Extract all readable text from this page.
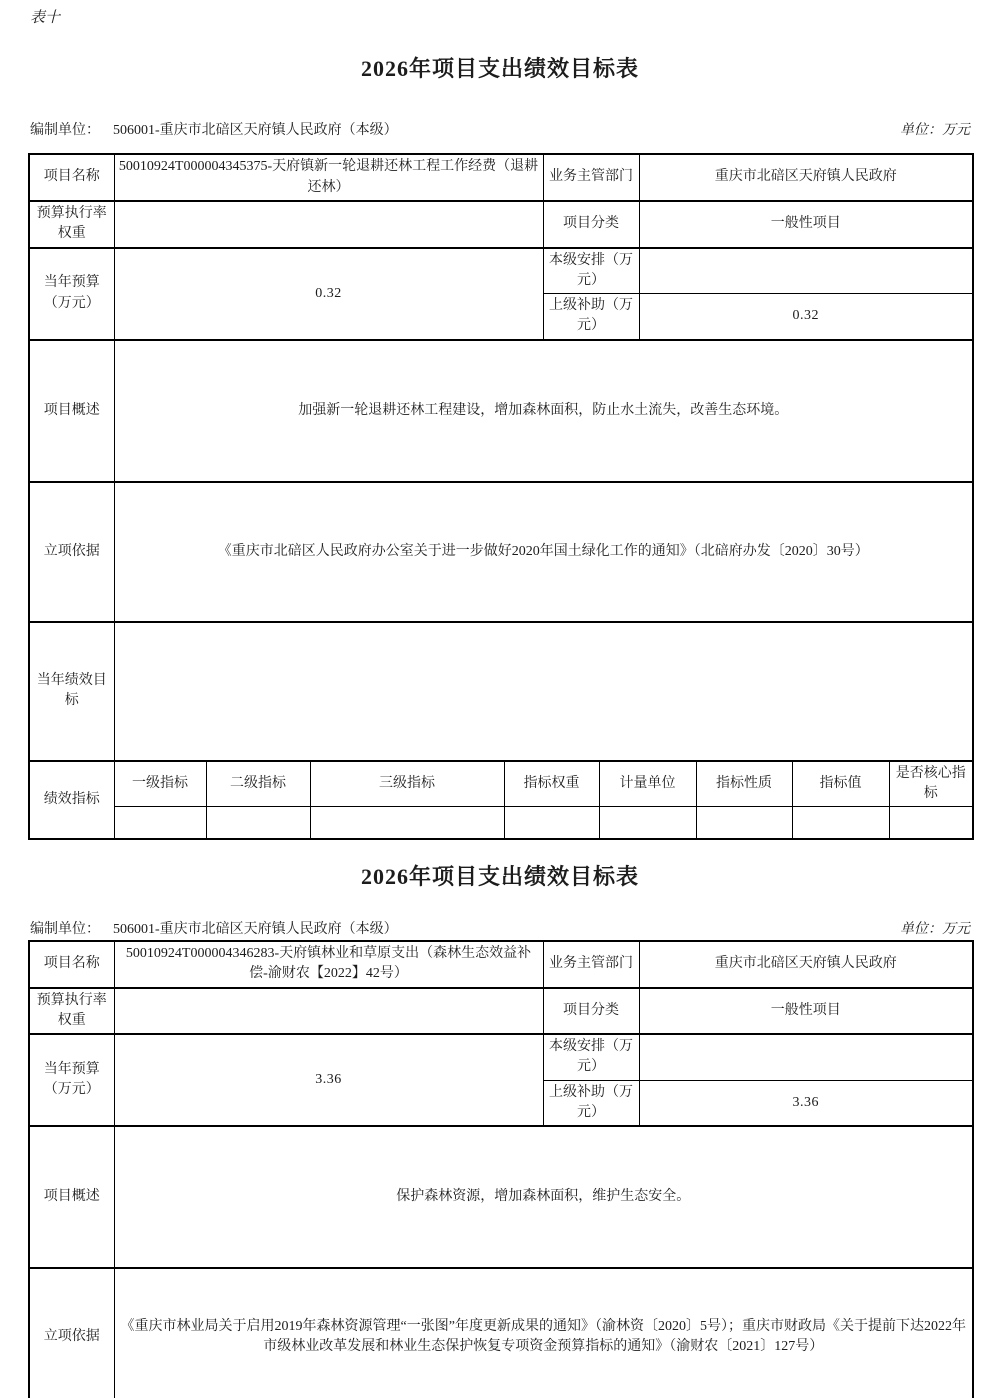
表十
2026年项目支出绩效目标表
编制单位： 506001-重庆市北碚区天府镇人民政府（本级）	单位：万元
项目名称	50010924T000004345375-天府镇新一轮退耕还林工程工作经费（退耕还林）				业务主管部门		重庆市北碚区天府镇人民政府			
预算执行率权重					项目分类		一般性项目			
当年预算（万元）	0.32				本级安排（万元）					
					上级补助（万元）		0.32			
项目概述	加强新一轮退耕还林工程建设，增加森林面积，防止水土流失，改善生态环境。									
立项依据	《重庆市北碚区人民政府办公室关于进一步做好2020年国土绿化工作的通知》（北碚府办发〔2020〕30号）									
当年绩效目标										
绩效指标	一级指标	二级指标	三级指标	指标权重		计量单位		指标性质	指标值	是否核心指标

2026年项目支出绩效目标表
编制单位： 506001-重庆市北碚区天府镇人民政府（本级）	单位：万元
项目名称	50010924T000004346283-天府镇林业和草原支出（森林生态效益补偿-渝财农【2022】42号）	业务主管部门	重庆市北碚区天府镇人民政府
预算执行率权重		项目分类	一般性项目
当年预算（万元）	3.36	本级安排（万元）	
		上级补助（万元）	3.36
项目概述	保护森林资源，增加森林面积，维护生态安全。		
立项依据	《重庆市林业局关于启用2019年森林资源管理“一张图”年度更新成果的通知》（渝林资〔2020〕5号）；重庆市财政局《关于提前下达2022年市级林业改革发展和林业生态保护恢复专项资金预算指标的通知》（渝财农〔2021〕127号）		
